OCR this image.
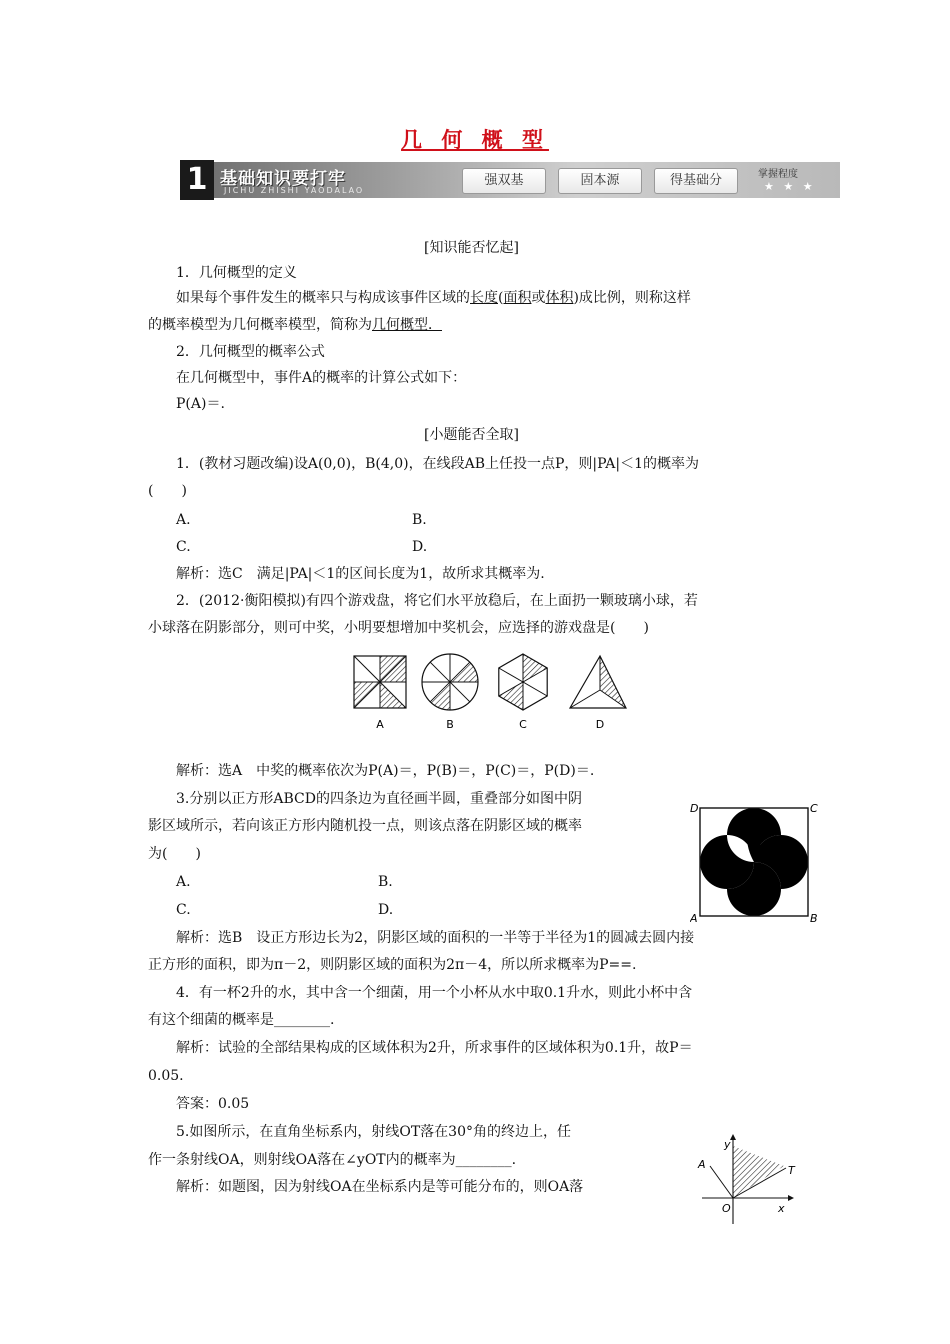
几 何 概 型
1 基础知识要打牢
JICHU ZHISHI YAODALAO
强双基	固本源	得基础分	掌握程度
★ ★ ★
[知识能否忆起]
1．几何概型的定义
如果每个事件发生的概率只与构成该事件区域的长度(面积或体积)成比例，则称这样
的概率模型为几何概率模型，简称为几何概型．
2．几何概型的概率公式
在几何概型中，事件A的概率的计算公式如下：
P(A)＝.
[小题能否全取]
1．(教材习题改编)设A(0,0)，B(4,0)，在线段AB上任投一点P，则|PA|＜1的概率为
(　　)
A.	B.
C.	D.
解析：选C　满足|PA|＜1的区间长度为1，故所求其概率为.
2．(2012·衡阳模拟)有四个游戏盘，将它们水平放稳后，在上面扔一颗玻璃小球，若
小球落在阴影部分，则可中奖，小明要想增加中奖机会，应选择的游戏盘是(　　)
A	B	C	D
解析：选A　中奖的概率依次为P(A)＝，P(B)＝，P(C)＝，P(D)＝.
3.分别以正方形ABCD的四条边为直径画半圆，重叠部分如图中阴
影区域所示，若向该正方形内随机投一点，则该点落在阴影区域的概率
为(　　)
A.	B.
C.	D.
D	C
A	B
解析：选B　设正方形边长为2，阴影区域的面积的一半等于半径为1的圆减去圆内接
正方形的面积，即为π－2，则阴影区域的面积为2π－4，所以所求概率为P==.
4．有一杯2升的水，其中含一个细菌，用一个小杯从水中取0.1升水，则此小杯中含
有这个细菌的概率是________.
解析：试验的全部结果构成的区域体积为2升，所求事件的区域体积为0.1升，故P＝
0.05.
答案：0.05
5.如图所示，在直角坐标系内，射线OT落在30°角的终边上，任
作一条射线OA，则射线OA落在∠yOT内的概率为________.
解析：如题图，因为射线OA在坐标系内是等可能分布的，则OA落
y
x
O
A	T
